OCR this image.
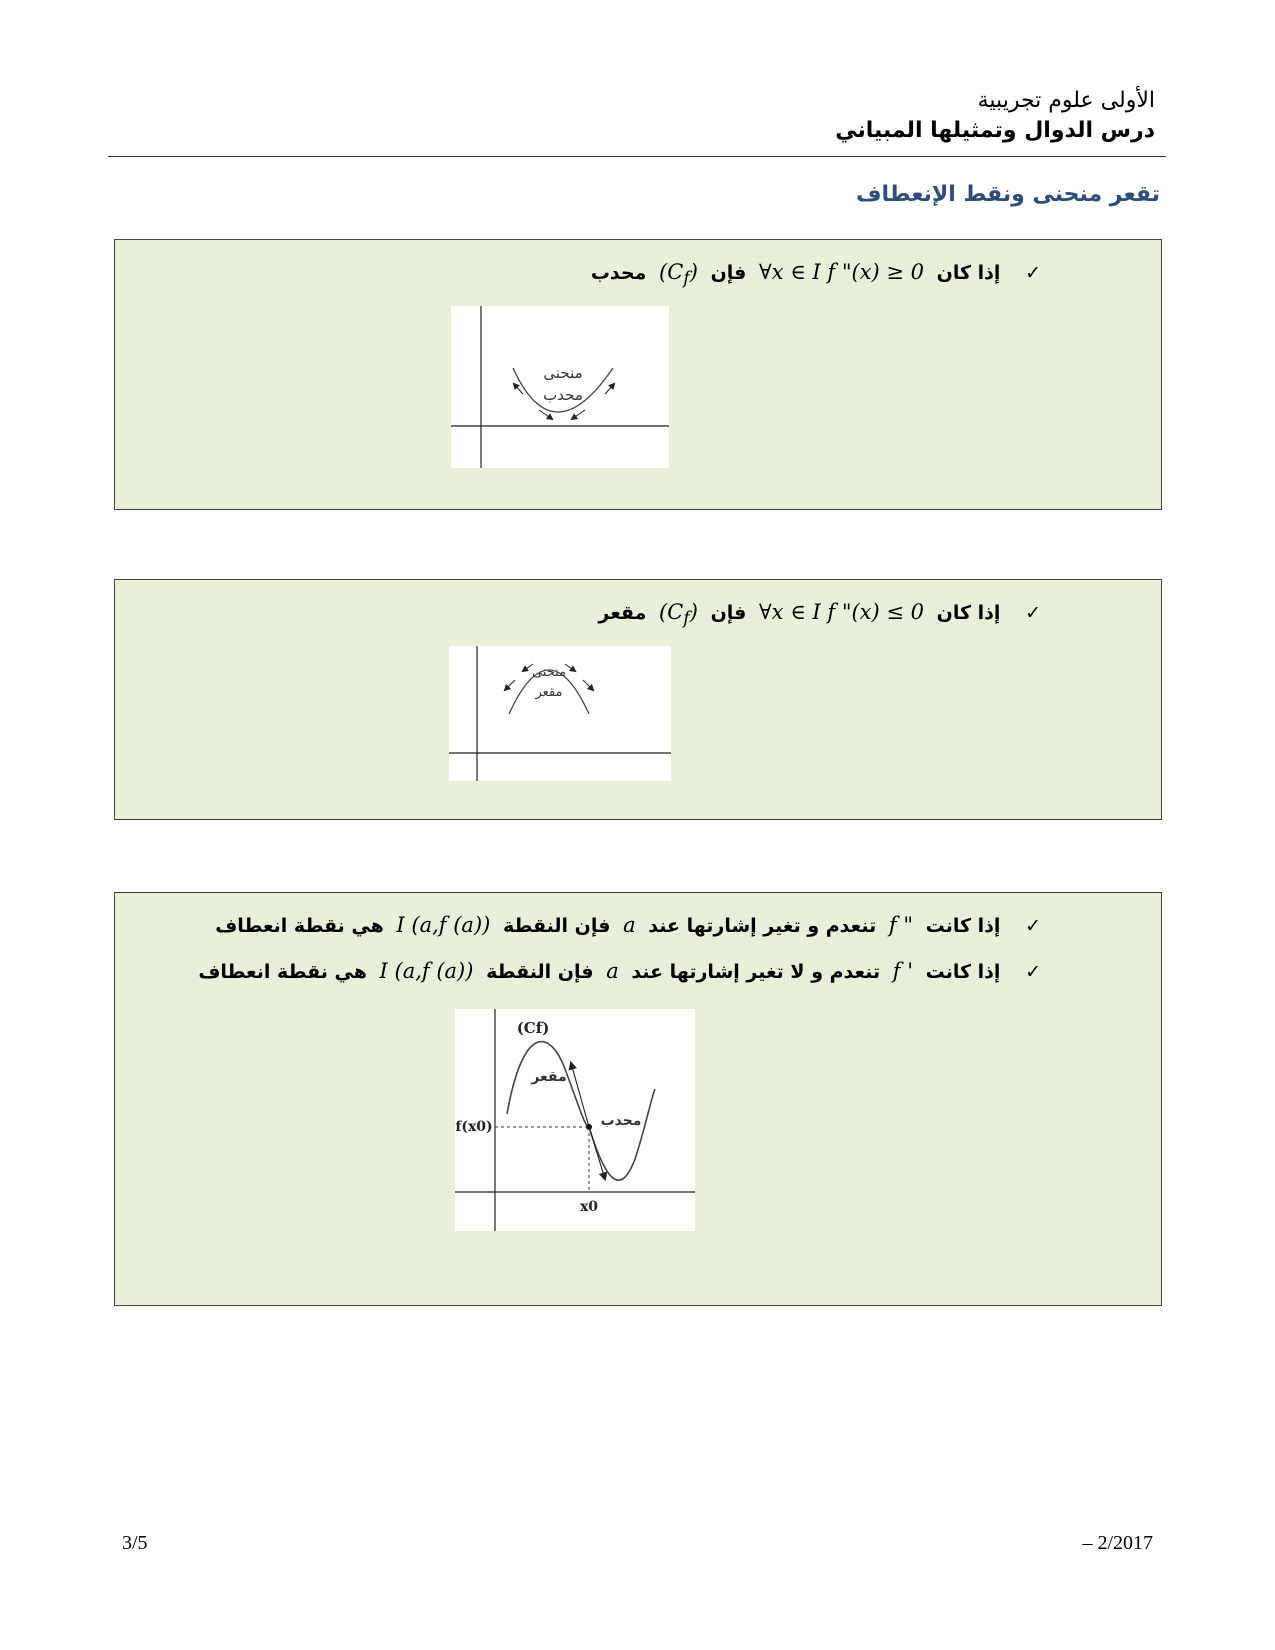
الأولى علوم تجريبية
درس الدوال وتمثيلها المبياني
تقعر منحنى ونقط الإنعطاف
✓ إذا كان ∀x ∈ I f "(x) ≥ 0 فإن $(C_f)$ محدب
منحنى
محدب
✓ إذا كان ∀x ∈ I f "(x) ≤ 0 فإن $(C_f)$ مقعر
منحنى
مقعر
✓ إذا كانت f " تنعدم و تغير إشارتها عند a فإن النقطة I (a,f (a)) هي نقطة انعطاف
✓ إذا كانت f ' تنعدم و لا تغير إشارتها عند a فإن النقطة I (a,f (a)) هي نقطة انعطاف
(Cf)
مقعر
محدب
f(x0)
x0
3/5	– 2/2017
